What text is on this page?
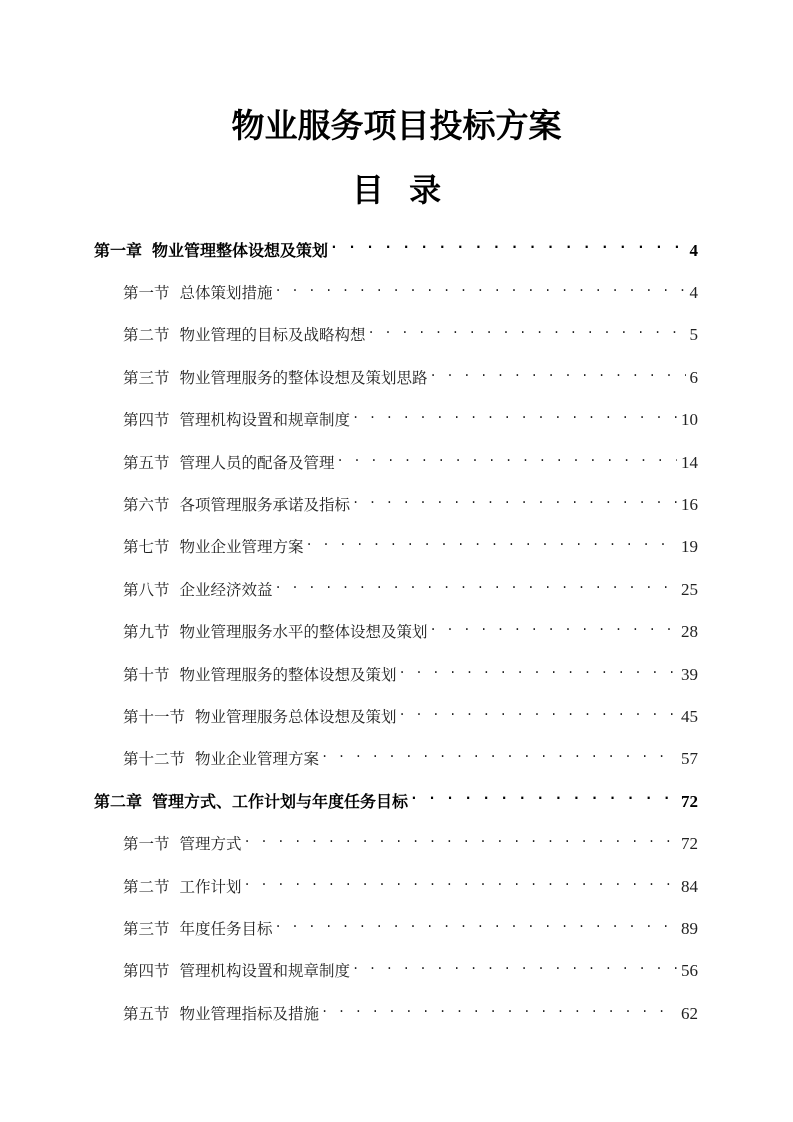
物业服务项目投标方案
目 录
第一章 物业管理整体设想及策划 . . .	4
第一节 总体策划措施 . . .	4
第二节 物业管理的目标及战略构想 . . .	5
第三节 物业管理服务的整体设想及策划思路 . . .	6
第四节 管理机构设置和规章制度 . . .	10
第五节 管理人员的配备及管理 . . .	14
第六节 各项管理服务承诺及指标 . . .	16
第七节 物业企业管理方案 . . .	19
第八节 企业经济效益 . . .	25
第九节 物业管理服务水平的整体设想及策划 . . .	28
第十节 物业管理服务的整体设想及策划 . . .	39
第十一节 物业管理服务总体设想及策划 . . .	45
第十二节 物业企业管理方案 . . .	57
第二章 管理方式、工作计划与年度任务目标 . . .	72
第一节 管理方式 . . .	72
第二节 工作计划 . . .	84
第三节 年度任务目标 . . .	89
第四节 管理机构设置和规章制度 . . .	56
第五节 物业管理指标及措施 . . .	62
